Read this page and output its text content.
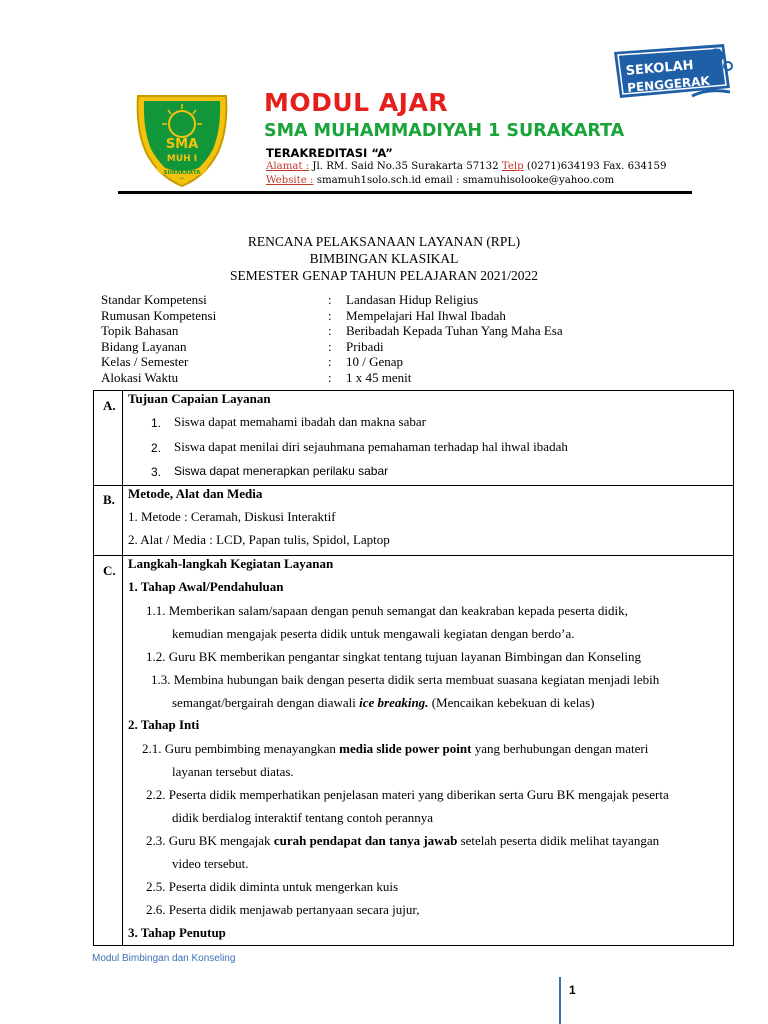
SMA
MUH I
SURAKARTA
MODUL AJAR
SMA MUHAMMADIYAH 1 SURAKARTA
TERAKREDITASI “A”
Alamat : Jl. RM. Said No.35 Surakarta 57132 Telp (0271)634193 Fax. 634159
Website : smamuh1solo.sch.id email : smamuhisolooke@yahoo.com
SEKOLAH
PENGGERAK
RENCANA PELAKSANAAN LAYANAN (RPL)
BIMBINGAN KLASIKAL
SEMESTER GENAP TAHUN PELAJARAN 2021/2022
Standar Kompetensi	: Landasan Hidup Religius
Rumusan Kompetensi	: Mempelajari Hal Ihwal Ibadah
Topik Bahasan	: Beribadah Kepada Tuhan Yang Maha Esa
Bidang Layanan	: Pribadi
Kelas / Semester	: 10 / Genap
Alokasi Waktu	: 1 x 45 menit
A. Tujuan Capaian Layanan
1. Siswa dapat memahami ibadah dan makna sabar
2. Siswa dapat menilai diri sejauhmana pemahaman terhadap hal ihwal ibadah
3. Siswa dapat menerapkan perilaku sabar
B. Metode, Alat dan Media
1. Metode : Ceramah, Diskusi Interaktif
2. Alat / Media : LCD, Papan tulis, Spidol, Laptop
C. Langkah-langkah Kegiatan Layanan
1. Tahap Awal/Pendahuluan
1.1. Memberikan salam/sapaan dengan penuh semangat dan keakraban kepada peserta didik,
kemudian mengajak peserta didik untuk mengawali kegiatan dengan berdo’a.
1.2. Guru BK memberikan pengantar singkat tentang tujuan layanan Bimbingan dan Konseling
1.3. Membina hubungan baik dengan peserta didik serta membuat suasana kegiatan menjadi lebih
semangat/bergairah dengan diawali ice breaking. (Mencaikan kebekuan di kelas)
2. Tahap Inti
2.1. Guru pembimbing menayangkan media slide power point yang berhubungan dengan materi
layanan tersebut diatas.
2.2. Peserta didik memperhatikan penjelasan materi yang diberikan serta Guru BK mengajak peserta
didik berdialog interaktif tentang contoh perannya
2.3. Guru BK mengajak curah pendapat dan tanya jawab setelah peserta didik melihat tayangan
video tersebut.
2.5. Peserta didik diminta untuk mengerkan kuis
2.6. Peserta didik menjawab pertanyaan secara jujur,
3. Tahap Penutup
Modul Bimbingan dan Konseling
1
